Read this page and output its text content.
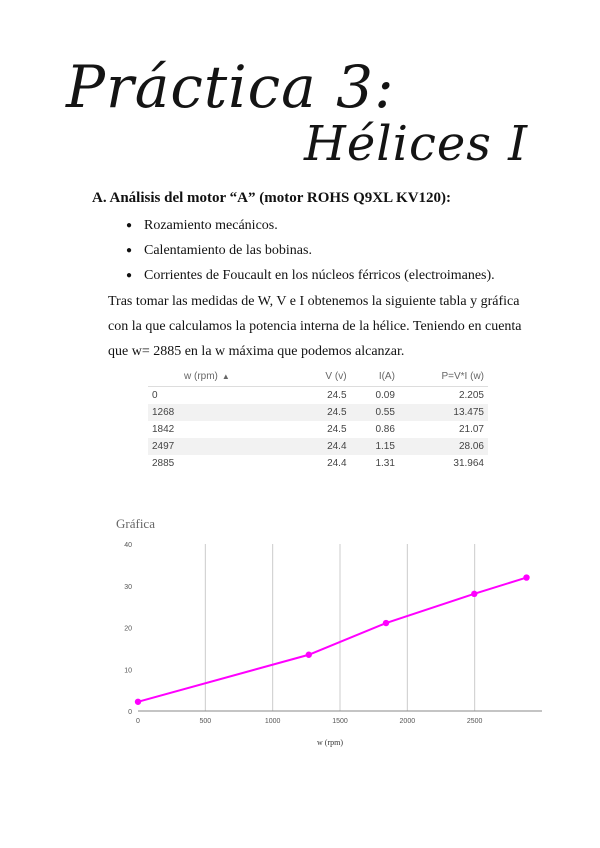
Práctica 3:
Hélices I
A. Análisis del motor “A” (motor ROHS Q9XL KV120):
● Rozamiento mecánicos.
● Calentamiento de las bobinas.
● Corrientes de Foucault en los núcleos férricos (electroimanes).

Tras tomar las medidas de W, V e I obtenemos la siguiente tabla y gráfica

con la que calculamos la potencia interna de la hélice. Teniendo en cuenta

que w= 2885 en la w máxima que podemos alcanzar.

w (rpm) ▲	V (v)	I(A)	P=V*I (w)
0	24.5	0.09	2.205
1268	24.5	0.55	13.475
1842	24.5	0.86	21.07
2497	24.4	1.15	28.06
2885	24.4	1.31	31.964
Gráfica
0	500	1000	1500	2000	2500
0
10
20
30
40
w (rpm)
